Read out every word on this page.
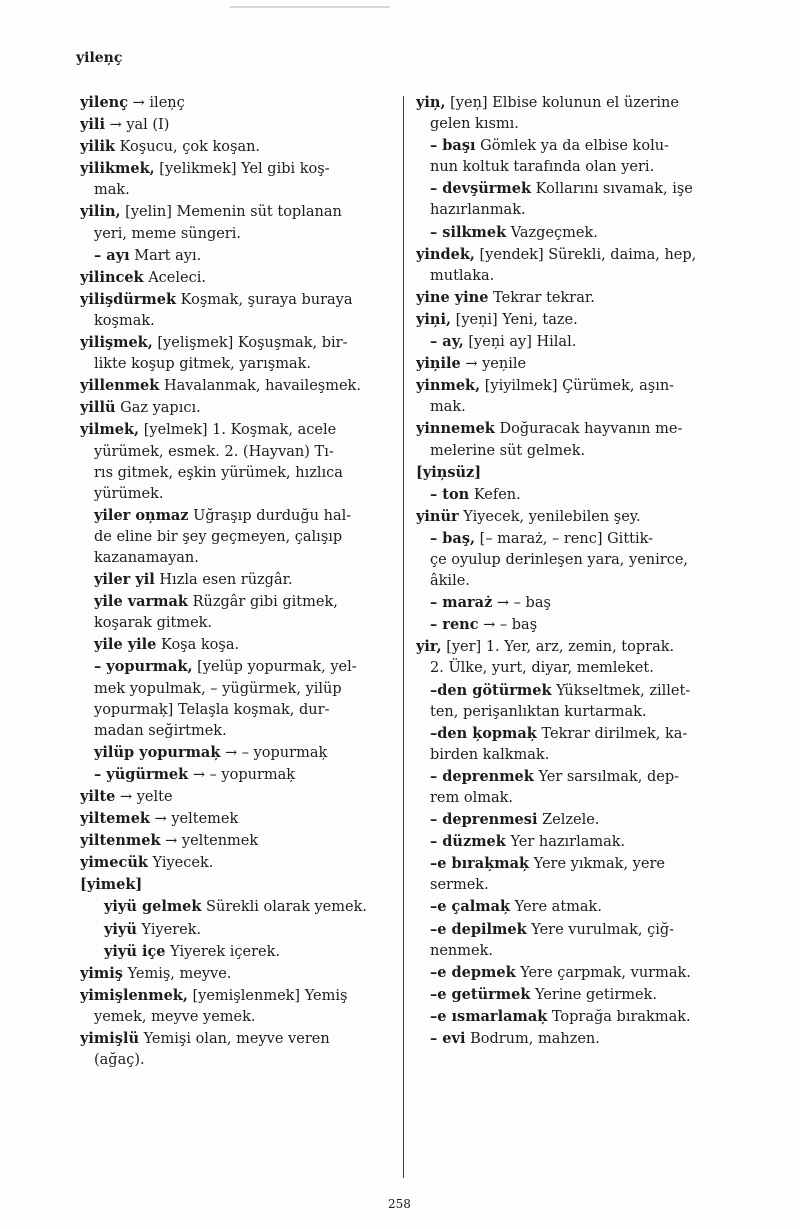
yileņç
yilenç → ileņç
yili → yal (I)
yilik Koşucu, çok koşan.
yilikmek, [yelikmek] Yel gibi koş-
mak.
yilin, [yelin] Memenin süt toplanan
yeri, meme süngeri.
– ayı Mart ayı.
yilincek Acelecі.
yilişdürmek Koşmak, şuraya buraya
koşmak.
yilişmek, [yelişmek] Koşuşmak, bir-
likte koşup gitmek, yarışmak.
yillenmek Havalanmak, havaileşmek.
yillü Gaz yapıcı.
yilmek, [yelmek] 1. Koşmak, acele
yürümek, esmek. 2. (Hayvan) Tı-
rıs gitmek, eşkin yürümek, hızlıca
yürümek.
yiler oņmaz Uğraşıp durduğu hal-
de eline bir şey geçmeyen, çalışıp
kazanamayan.
yiler yil Hızla esen rüzgâr.
yile varmak Rüzgâr gibi gitmek,
koşarak gitmek.
yile yile Koşa koşa.
– yopurmak, [yelüp yopurmak, yel-
mek yopulmak, – yügürmek, yilüp
yopurmaķ] Telaşla koşmak, dur-
madan seğirtmek.
yilüp yopurmaķ → – yopurmaķ
– yügürmek → – yopurmaķ
yilte → yelte
yiltemek → yeltemek
yiltenmek → yeltenmek
yimecük Yiyecek.
[yimek]
yiyü gelmek Sürekli olarak yemek.
yiyü Yiyerek.
yiyü içe Yiyerek içerek.
yimiş Yemiş, meyve.
yimişlenmek, [yemişlenmek] Yemiş
yemek, meyve yemek.
yimişlü Yemişi olan, meyve veren
(ağaç).
yiņ, [yeņ] Elbise kolunun el üzerine
gelen kısmı.
– başı Gömlek ya da elbise kolu-
nun koltuk tarafında olan yeri.
– devşürmek Kollarını sıvamak, işe
hazırlanmak.
– silkmek Vazgeçmek.
yindek, [yendek] Sürekli, daima, hep,
mutlaka.
yine yine Tekrar tekrar.
yiņi, [yeņi] Yeni, taze.
– ay, [yeņi ay] Hilal.
yiņile → yeņile
yinmek, [yiyilmek] Çürümek, aşın-
mak.
yinnemek Doğuracak hayvanın me-
melerine süt gelmek.
[yiņsüz]
– ton Kefen.
yinür Yiyecek, yenilebilen şey.
– baş, [– maraż, – renc] Gittik-
çe oyulup derinleşen yara, yenirce,
âkile.
– maraż → – baş
– renc → – baş
yir, [yer] 1. Yer, arz, zemin, toprak.
2. Ülke, yurt, diyar, memleket.
–den götürmek Yükseltmek, zillet-
ten, perişanlıktan kurtarmak.
–den ķopmaķ Tekrar dirilmek, ka-
birden kalkmak.
– deprenmek Yer sarsılmak, dep-
rem olmak.
– deprenmesi Zelzele.
– düzmek Yer hazırlamak.
–e bıraķmaķ Yere yıkmak, yere
sermek.
–e çalmaķ Yere atmak.
–e depilmek Yere vurulmak, çiğ-
nenmek.
–e depmek Yere çarpmak, vurmak.
–e getürmek Yerine getirmek.
–e ısmarlamaķ Toprağa bırakmak.
– evi Bodrum, mahzen.
258
